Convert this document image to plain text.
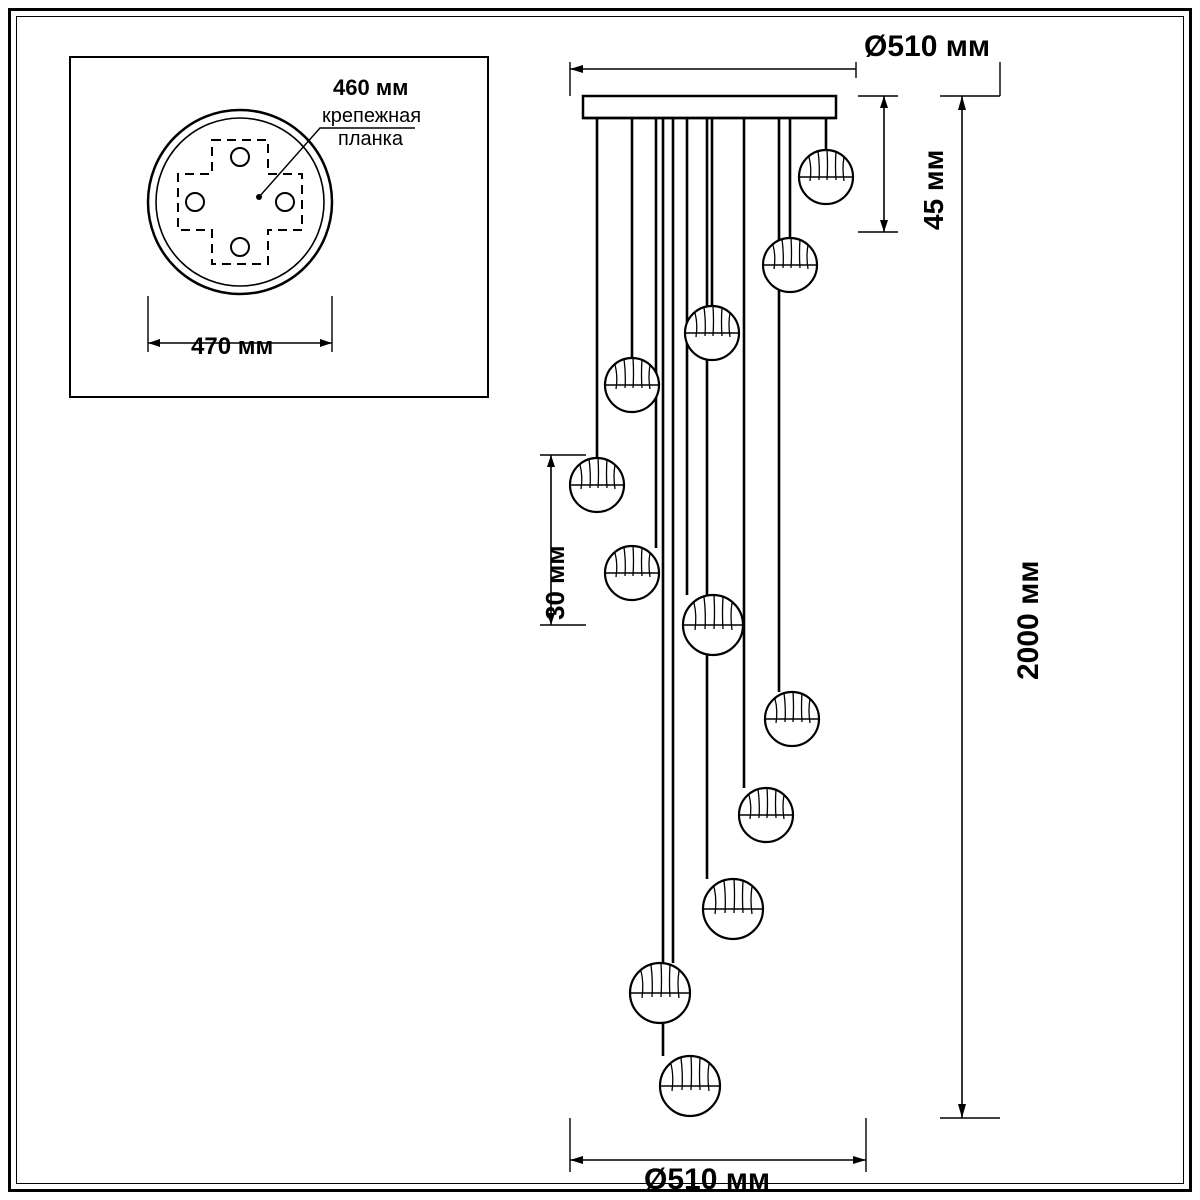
Ø510 мм
45 мм
30 мм	2000 мм
Ø510 мм
460 мм
крепежная
планка
470 мм
